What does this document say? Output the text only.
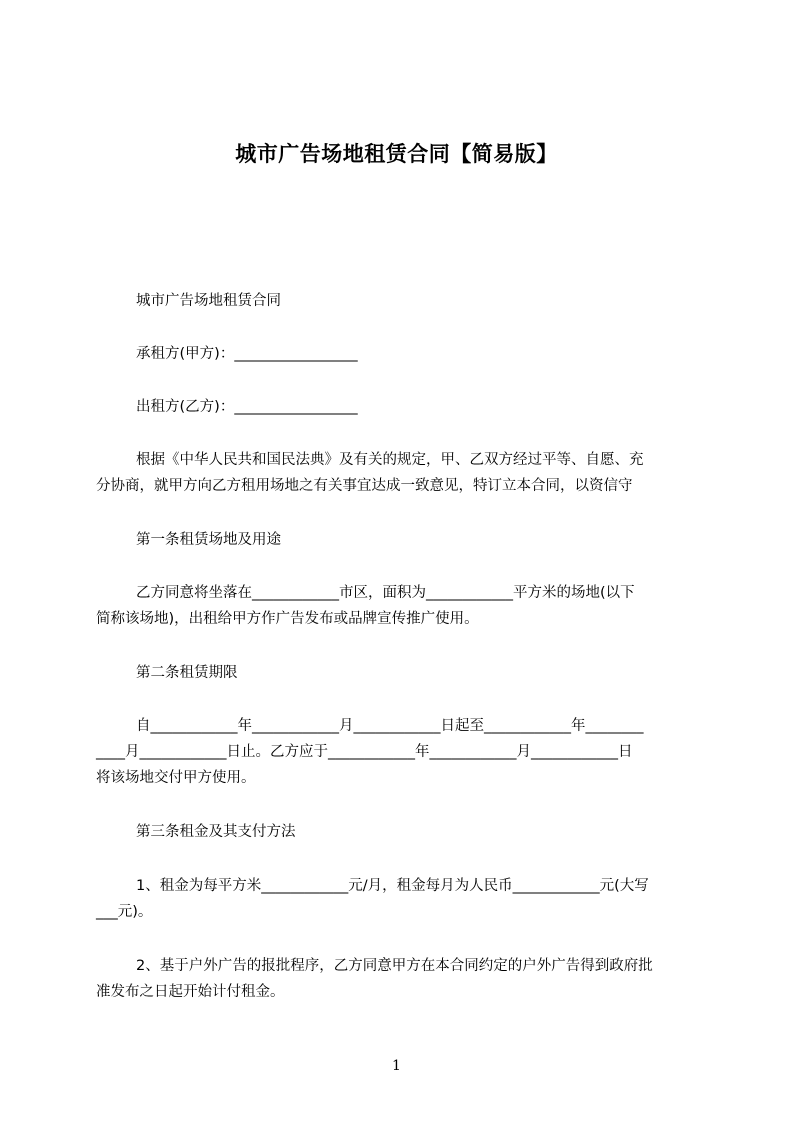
城市广告场地租赁合同【简易版】
城市广告场地租赁合同
承租方(甲方)：_________________
出租方(乙方)：_________________
根据《中华人民共和国民法典》及有关的规定，甲、乙双方经过平等、自愿、充
分协商，就甲方向乙方租用场地之有关事宜达成一致意见，特订立本合同，以资信守
第一条租赁场地及用途
乙方同意将坐落在____________市区，面积为____________平方米的场地(以下
简称该场地)，出租给甲方作广告发布或品牌宣传推广使用。
第二条租赁期限
自____________年____________月____________日起至____________年________
____月____________日止。乙方应于____________年____________月____________日
将该场地交付甲方使用。
第三条租金及其支付方法
1、租金为每平方米____________元/月，租金每月为人民币____________元(大写
___元)。
2、基于户外广告的报批程序，乙方同意甲方在本合同约定的户外广告得到政府批
准发布之日起开始计付租金。
1
